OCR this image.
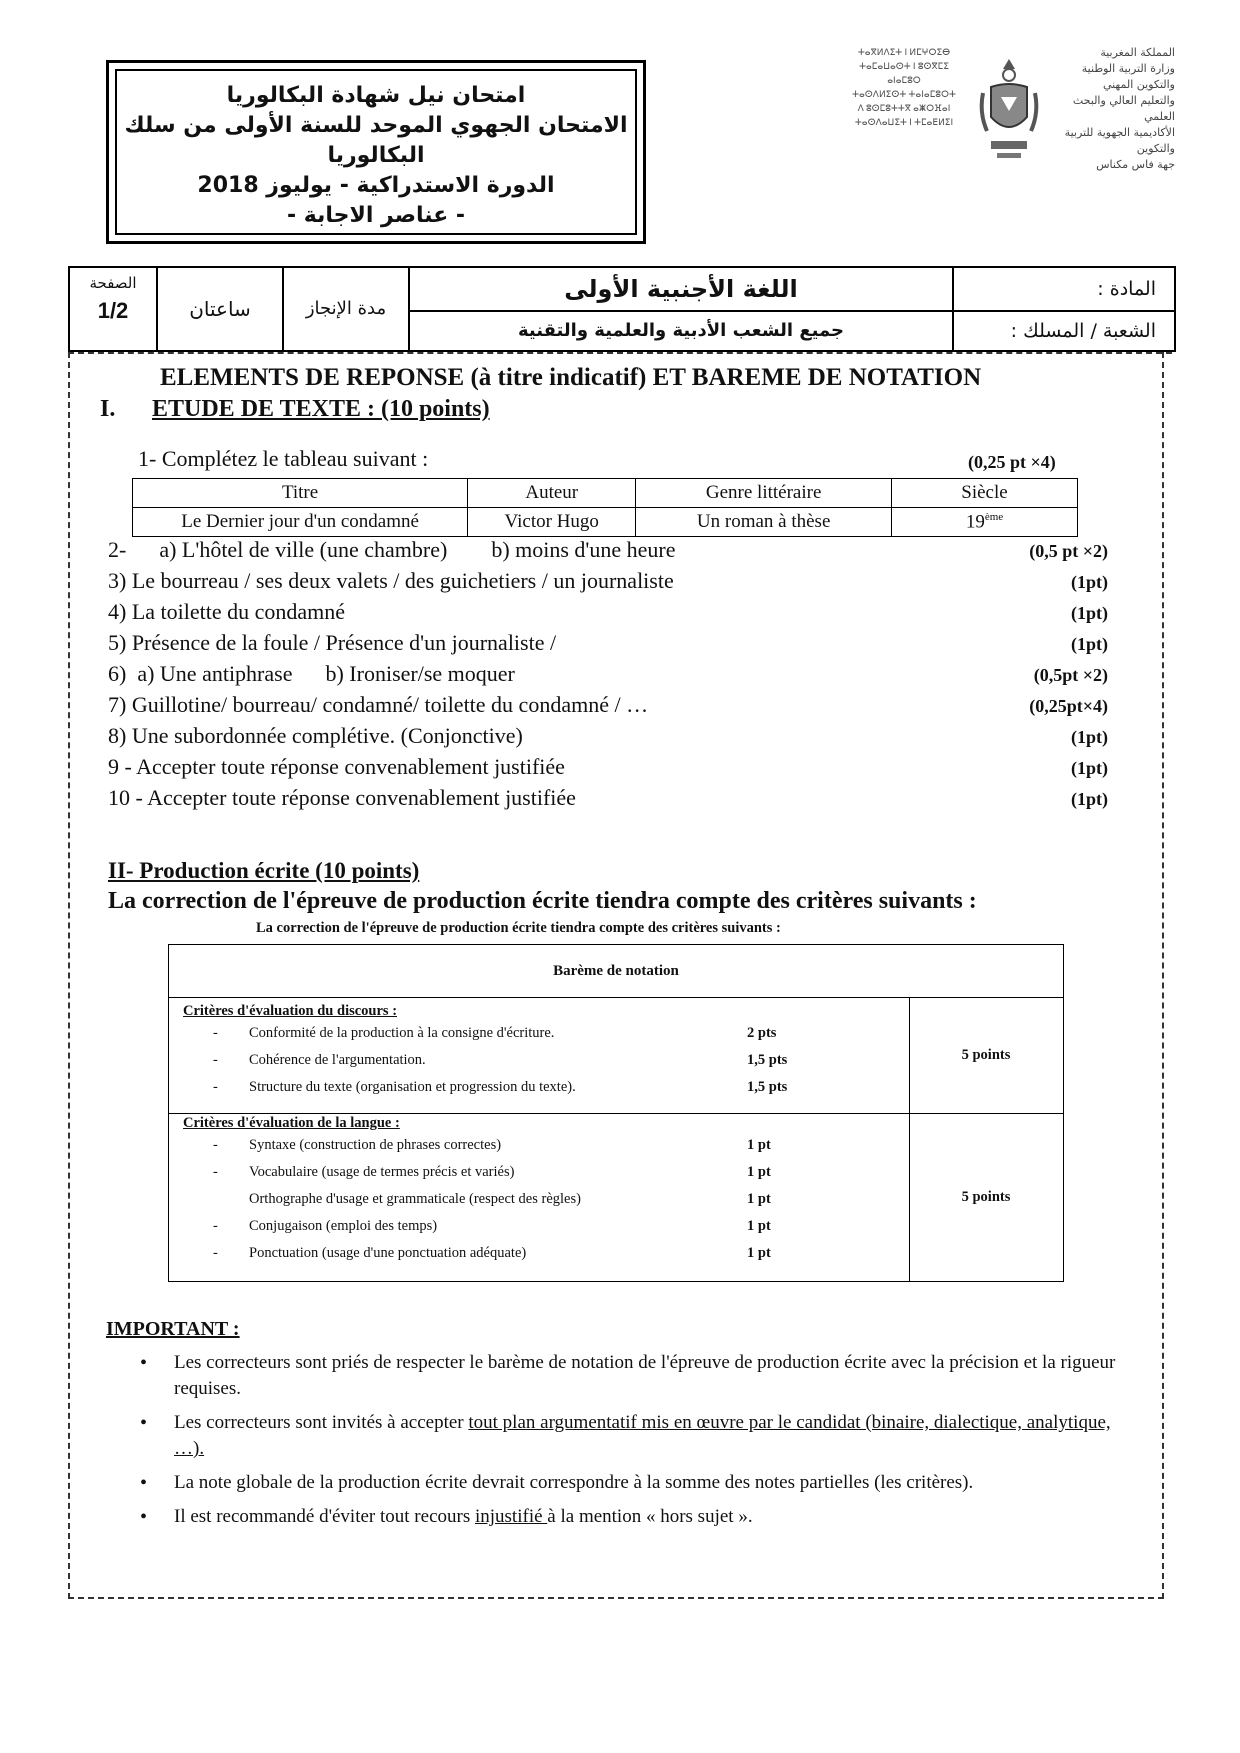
امتحان نيل شهادة البكالوريا
الامتحان الجهوي الموحد للسنة الأولى من سلك البكالوريا
الدورة الاستدراكية - يوليوز 2018
- عناصر الاجابة -
ⵜⴰⴳⵍⴷⵉⵜ ⵏ ⵍⵎⵖⵔⵉⴱ
ⵜⴰⵎⴰⵡⴰⵙⵜ ⵏ ⵓⵙⴳⵎⵉ
ⴰⵏⴰⵎⵓⵔ
ⵜⴰⵙⴷⵍⵉⵙⵜ ⵜⴰⵏⴰⵎⵓⵔⵜ
ⴷ ⵓⵙⵎⵓⵜⵜⴳ ⴰⵥⵔⴼⴰⵏ
ⵜⴰⵙⴷⴰⵡⵉⵜ ⵏ ⵜⵎⴰⴹⵍⵉⵏ
المملكة المغربية
وزارة التربية الوطنية
والتكوين المهني
والتعليم العالي والبحث العلمي
الأكاديمية الجهوية للتربية والتكوين
جهة فاس مكناس
الصفحة
1/2	ساعتان	مدة الإنجاز
اللغة الأجنبية الأولى
جميع الشعب الأدبية والعلمية والتقنية
المادة :
الشعبة / المسلك :
ELEMENTS DE REPONSE (à titre indicatif) ET BAREME DE NOTATION
I. ETUDE DE TEXTE : (10 points)
1- Complétez le tableau suivant :	(0,25 pt ×4)
Titre	Auteur	Genre littéraire	Siècle
Le Dernier jour d'un condamné	Victor Hugo	Un roman à thèse	19ème
2-      a) L'hôtel de ville (une chambre)        b) moins d'une heure	(0,5 pt ×2)
3) Le bourreau / ses deux valets / des guichetiers / un journaliste	(1pt)
4) La toilette du condamné	(1pt)
5) Présence de la foule / Présence d'un journaliste /	(1pt)
6)  a) Une antiphrase      b) Ironiser/se moquer	(0,5pt ×2)
7) Guillotine/ bourreau/ condamné/ toilette du condamné / …	(0,25pt×4)
8) Une subordonnée complétive. (Conjonctive)	(1pt)
9 - Accepter toute réponse convenablement justifiée	(1pt)
10 - Accepter toute réponse convenablement justifiée	(1pt)
II- Production écrite (10 points)
La correction de l'épreuve de production écrite tiendra compte des critères suivants :
La correction de l'épreuve de production écrite tiendra compte des critères suivants :
Barème de notation
Critères d'évaluation du discours :
- Conformité de la production à la consigne d'écriture.	2 pts
- Cohérence de l'argumentation.	1,5 pts
- Structure du texte (organisation et progression du texte).	1,5 pts
5 points
Critères d'évaluation de la langue :
- Syntaxe (construction de phrases correctes)	1 pt
- Vocabulaire (usage de termes précis et variés)	1 pt
Orthographe d'usage et grammaticale (respect des règles)	1 pt
- Conjugaison (emploi des temps)	1 pt
- Ponctuation (usage d'une ponctuation adéquate)	1 pt
5 points
IMPORTANT :
• Les correcteurs sont priés de respecter le barème de notation de l'épreuve de production écrite avec la précision et la rigueur requises.
• Les correcteurs sont invités à accepter tout plan argumentatif mis en œuvre par le candidat (binaire, dialectique, analytique, …).
• La note globale de la production écrite devrait correspondre à la somme des notes partielles (les critères).
• Il est recommandé d'éviter tout recours injustifié à la mention « hors sujet ».
